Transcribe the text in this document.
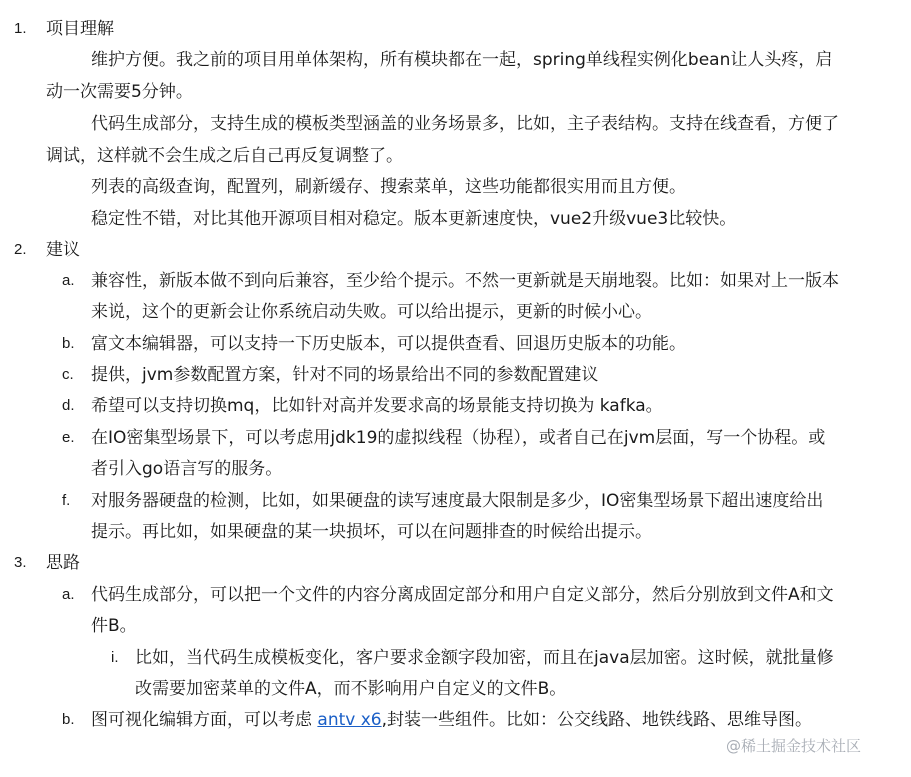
1. 项目理解
维护方便。我之前的项目用单体架构，所有模块都在一起，spring单线程实例化bean让人头疼，启
动一次需要5分钟。
代码生成部分，支持生成的模板类型涵盖的业务场景多，比如，主子表结构。支持在线查看，方便了
调试，这样就不会生成之后自己再反复调整了。
列表的高级查询，配置列，刷新缓存、搜索菜单，这些功能都很实用而且方便。
稳定性不错，对比其他开源项目相对稳定。版本更新速度快，vue2升级vue3比较快。
2. 建议
a. 兼容性，新版本做不到向后兼容，至少给个提示。不然一更新就是天崩地裂。比如：如果对上一版本
来说，这个的更新会让你系统启动失败。可以给出提示，更新的时候小心。
b. 富文本编辑器，可以支持一下历史版本，可以提供查看、回退历史版本的功能。
c. 提供，jvm参数配置方案，针对不同的场景给出不同的参数配置建议
d. 希望可以支持切换mq，比如针对高并发要求高的场景能支持切换为 kafka。
e. 在IO密集型场景下，可以考虑用jdk19的虚拟线程（协程），或者自己在jvm层面，写一个协程。或
者引入go语言写的服务。
f. 对服务器硬盘的检测，比如，如果硬盘的读写速度最大限制是多少，IO密集型场景下超出速度给出
提示。再比如，如果硬盘的某一块损坏，可以在问题排查的时候给出提示。
3. 思路
a. 代码生成部分，可以把一个文件的内容分离成固定部分和用户自定义部分，然后分别放到文件A和文
件B。
i. 比如，当代码生成模板变化，客户要求金额字段加密，而且在java层加密。这时候，就批量修
改需要加密菜单的文件A，而不影响用户自定义的文件B。
b. 图可视化编辑方面，可以考虑 antv x6,封装一些组件。比如：公交线路、地铁线路、思维导图。
@稀土掘金技术社区
